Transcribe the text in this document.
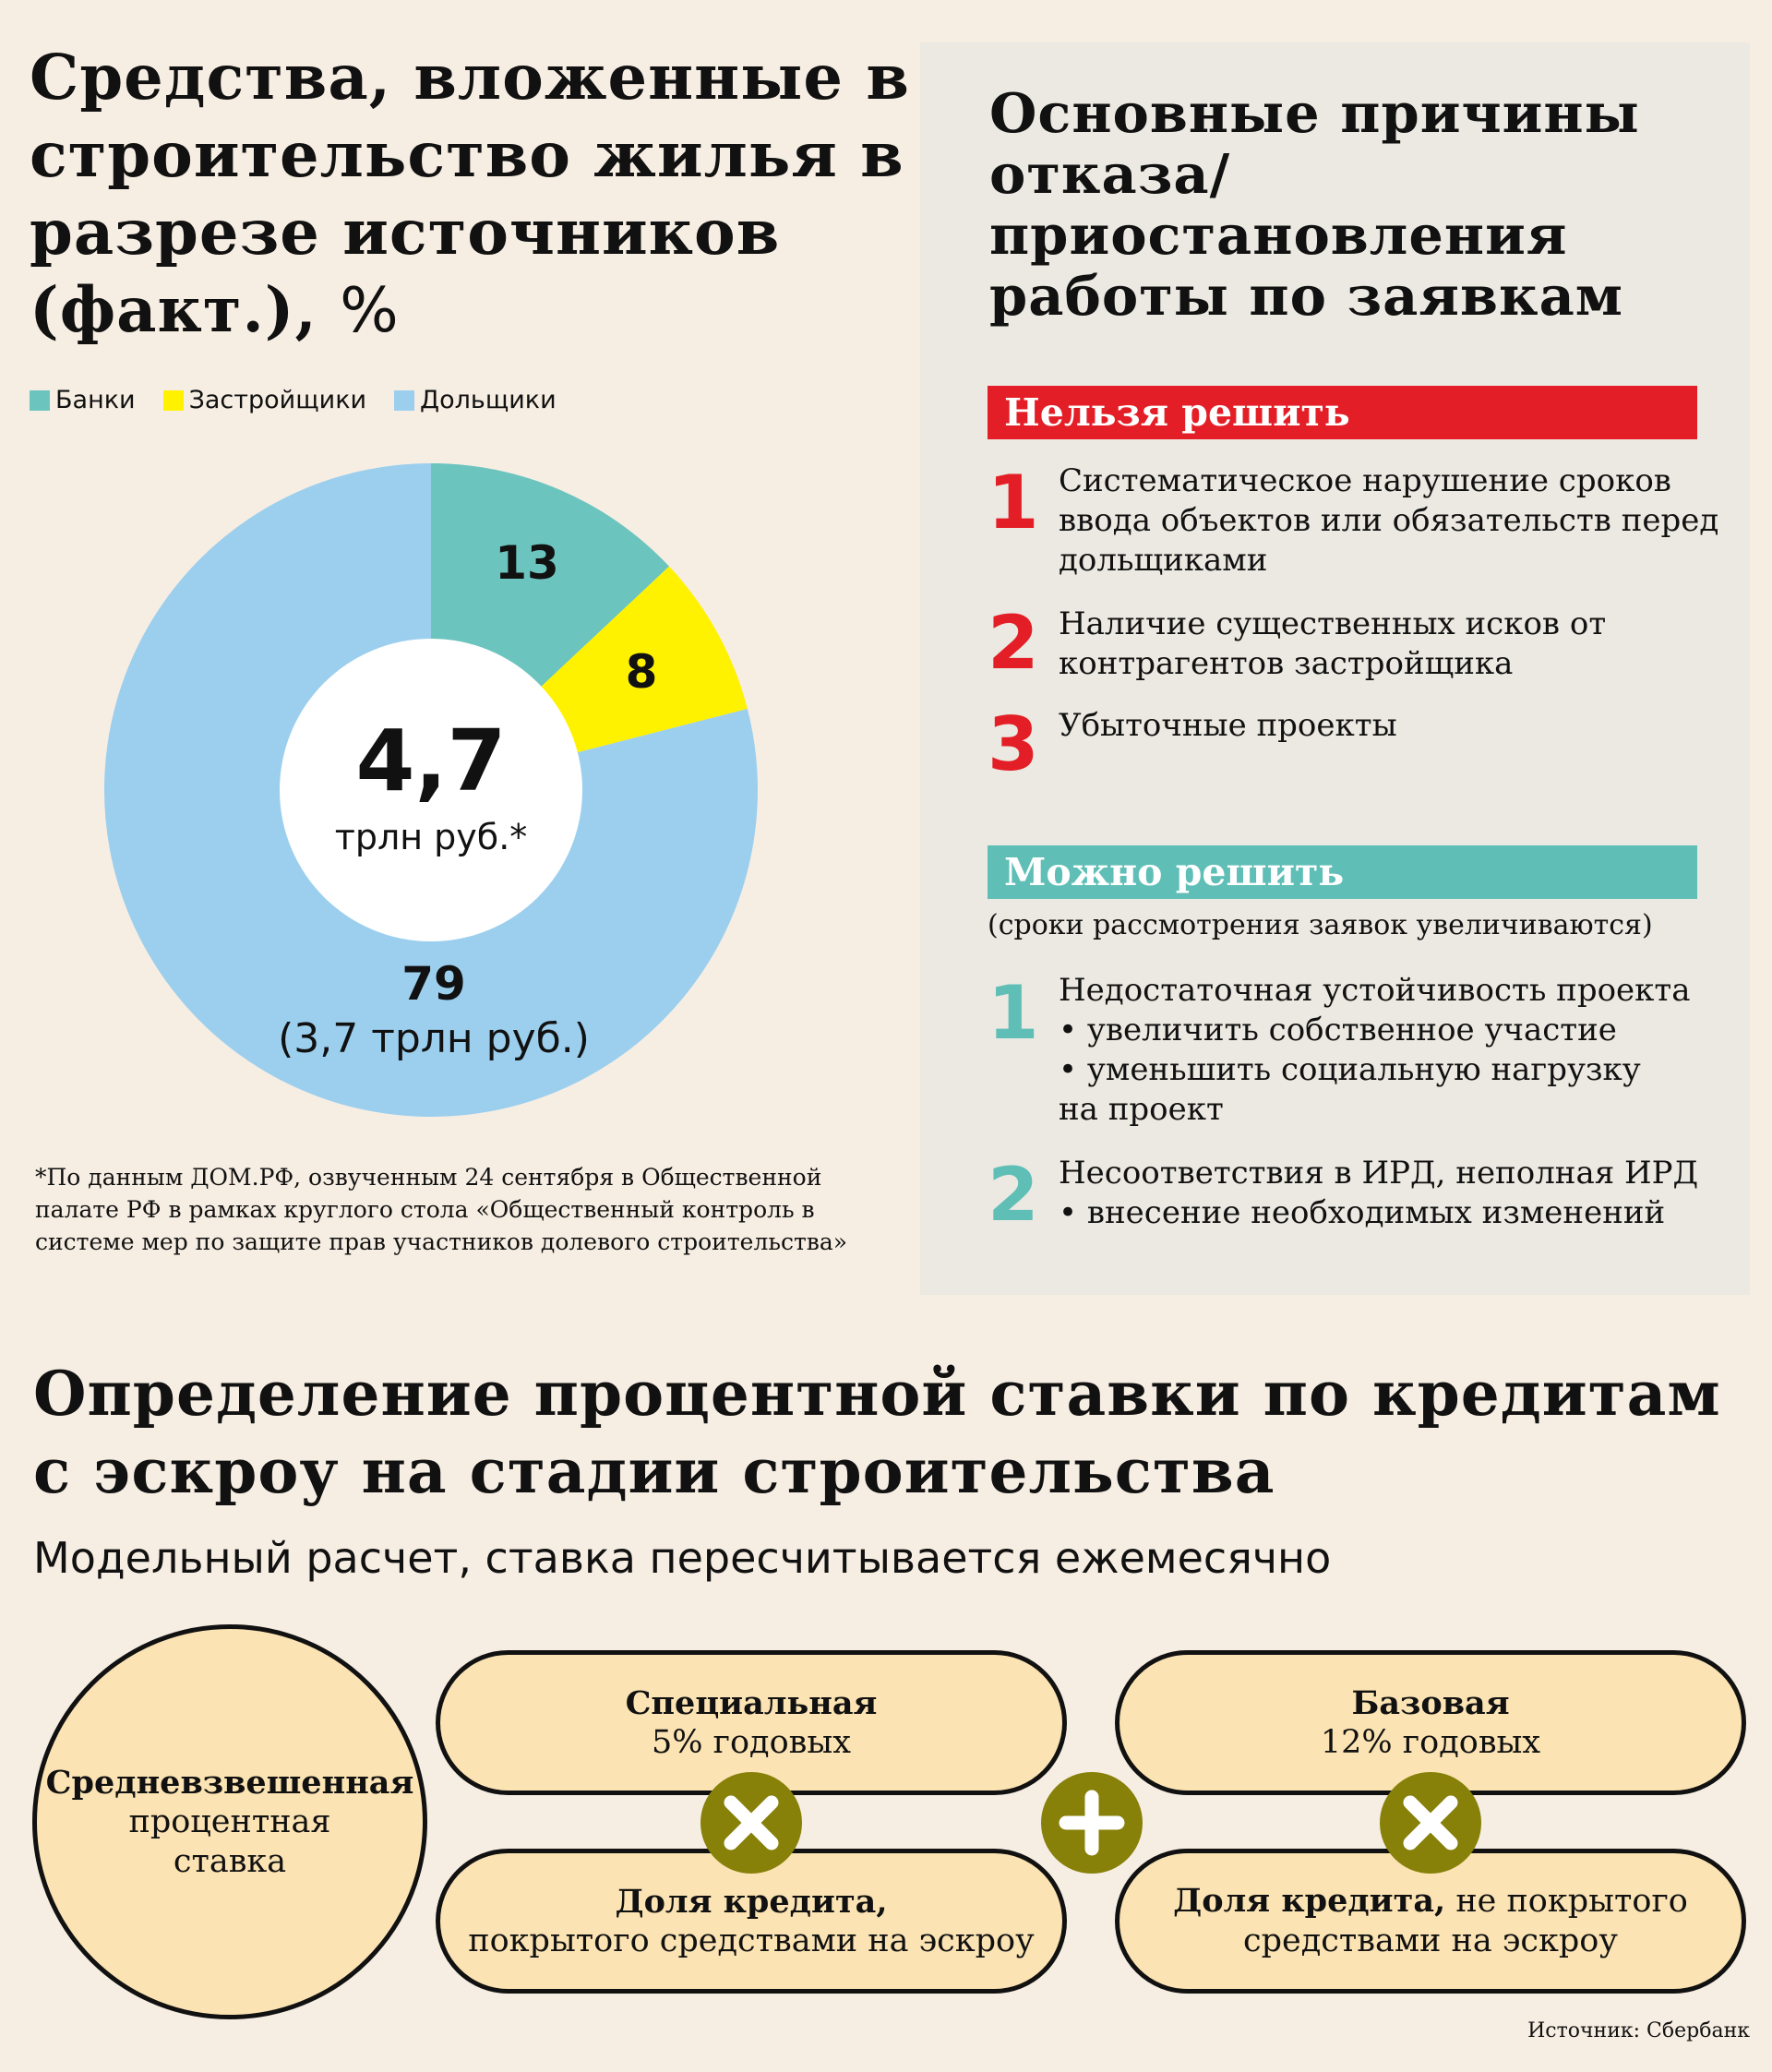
Средства, вложенные в строительство жилья в разрезе источников (факт.), %
Банки Застройщики Дольщики
4,7
трлн руб.*
13
8
79
(3,7 трлн руб.)
*По данным ДОМ.РФ, озвученным 24 сентября в Общественной палате РФ в рамках круглого стола «Общественный контроль в системе мер по защите прав участников долевого строительства»
Основные причины отказа/ приостановления работы по заявкам
Нельзя решить
1 Систематическое нарушение сроков ввода объектов или обязательств перед дольщиками
2 Наличие существенных исков от контрагентов застройщика
3 Убыточные проекты
Можно решить
(сроки рассмотрения заявок увеличиваются)
1 Недостаточная устойчивость проекта
• увеличить собственное участие
• уменьшить социальную нагрузку
на проект
2 Несоответствия в ИРД, неполная ИРД
• внесение необходимых изменений
Определение процентной ставки по кредитам с эскроу на стадии строительства
Модельный расчет, ставка пересчитывается ежемесячно
Средневзвешенная
процентная
ставка
Специальная
5% годовых
Базовая
12% годовых
Доля кредита,
покрытого средствами на эскроу
Доля кредита, не покрытого
средствами на эскроу
Источник: Сбербанк
